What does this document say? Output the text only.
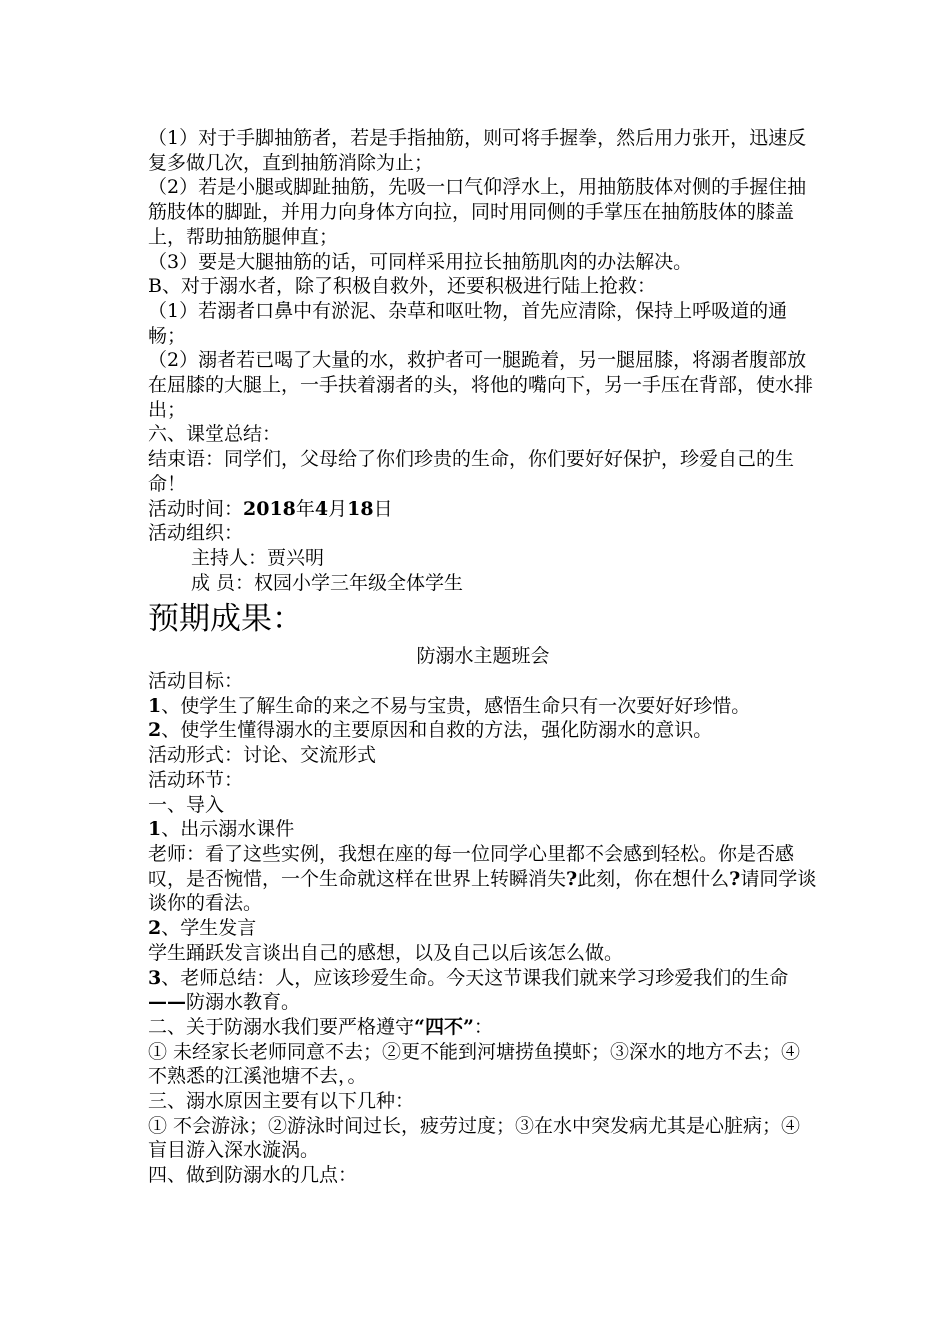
（1）对于手脚抽筋者，若是手指抽筋，则可将手握拳，然后用力张开，迅速反复多做几次，直到抽筋消除为止；

（2）若是小腿或脚趾抽筋，先吸一口气仰浮水上，用抽筋肢体对侧的手握住抽筋肢体的脚趾，并用力向身体方向拉，同时用同侧的手掌压在抽筋肢体的膝盖上，帮助抽筋腿伸直；

（3）要是大腿抽筋的话，可同样采用拉长抽筋肌肉的办法解决。

B、对于溺水者，除了积极自救外，还要积极进行陆上抢救：

（1）若溺者口鼻中有淤泥、杂草和呕吐物，首先应清除，保持上呼吸道的通畅；

（2）溺者若已喝了大量的水，救护者可一腿跪着，另一腿屈膝，将溺者腹部放在屈膝的大腿上，一手扶着溺者的头，将他的嘴向下，另一手压在背部，使水排出；

六、课堂总结：

结束语：同学们，父母给了你们珍贵的生命，你们要好好保护，珍爱自己的生命！

活动时间：2018年4月18日

活动组织：

主持人：贾兴明

成 员：权园小学三年级全体学生

预期成果：

防溺水主题班会

活动目标：

1、使学生了解生命的来之不易与宝贵，感悟生命只有一次要好好珍惜。

2、使学生懂得溺水的主要原因和自救的方法，强化防溺水的意识。

活动形式：讨论、交流形式

活动环节：

一、导入

1、出示溺水课件

老师：看了这些实例，我想在座的每一位同学心里都不会感到轻松。你是否感叹，是否惋惜，一个生命就这样在世界上转瞬消失?此刻，你在想什么?请同学谈谈你的看法。

2、学生发言

学生踊跃发言谈出自己的感想，以及自己以后该怎么做。

3、老师总结：人，应该珍爱生命。今天这节课我们就来学习珍爱我们的生命——防溺水教育。

二、关于防溺水我们要严格遵守“四不”：

① 未经家长老师同意不去；②更不能到河塘捞鱼摸虾；③深水的地方不去；④不熟悉的江溪池塘不去，。

三、溺水原因主要有以下几种：

① 不会游泳；②游泳时间过长，疲劳过度；③在水中突发病尤其是心脏病；④盲目游入深水漩涡。

四、做到防溺水的几点：
